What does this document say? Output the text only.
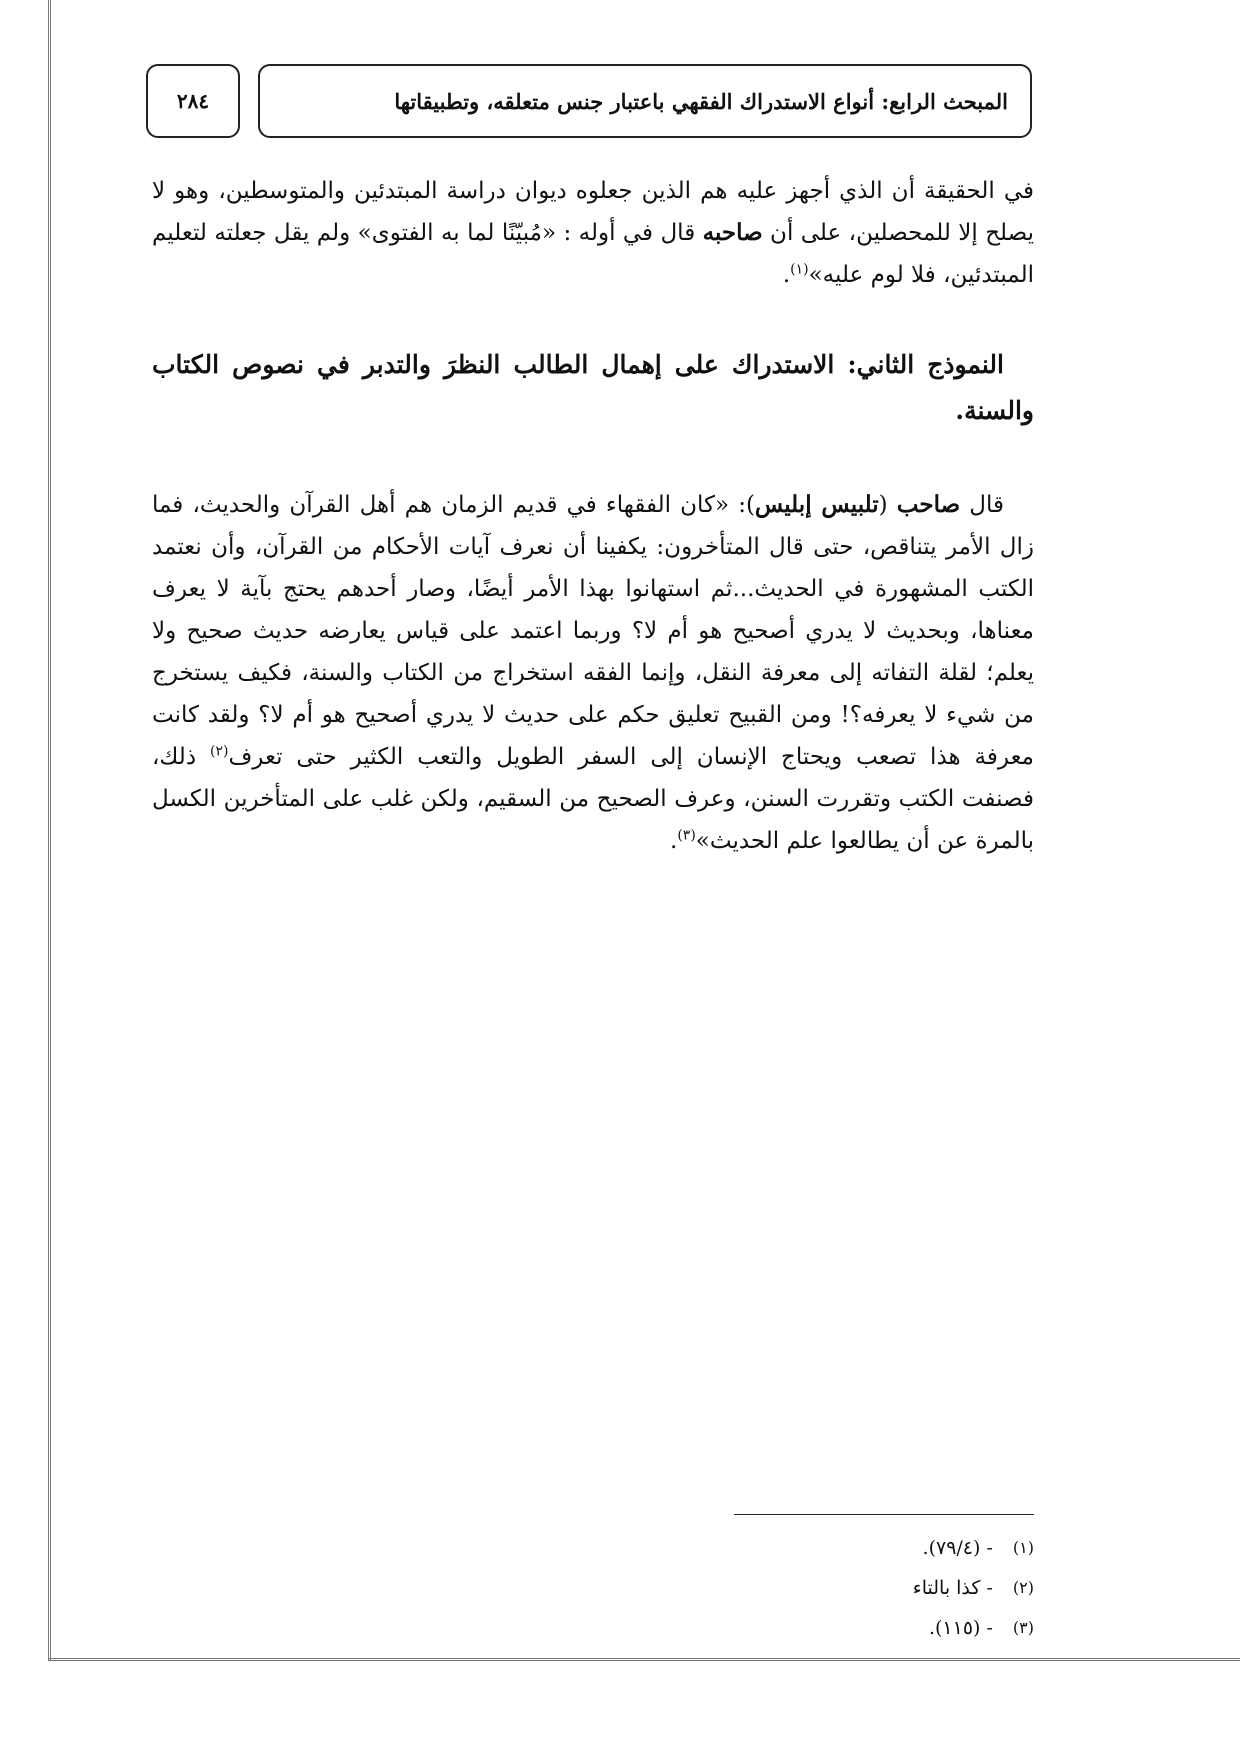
٢٨٤	المبحث الرابع: أنواع الاستدراك الفقهي باعتبار جنس متعلقه، وتطبيقاتها

في الحقيقة أن الذي أجهز عليه هم الذين جعلوه ديوان دراسة المبتدئين والمتوسطين، وهو لا يصلح إلا للمحصلين، على أن صاحبه قال في أوله : «مُبيّنًا لما به الفتوى» ولم يقل جعلته لتعليم المبتدئين، فلا لوم عليه»$^{(١)}$.

النموذج الثاني: الاستدراك على إهمال الطالب النظرَ والتدبر في نصوص الكتاب والسنة.

قال صاحب (تلبيس إبليس): «كان الفقهاء في قديم الزمان هم أهل القرآن والحديث، فما زال الأمر يتناقص، حتى قال المتأخرون: يكفينا أن نعرف آيات الأحكام من القرآن، وأن نعتمد الكتب المشهورة في الحديث...ثم استهانوا بهذا الأمر أيضًا، وصار أحدهم يحتج بآية لا يعرف معناها، وبحديث لا يدري أصحيح هو أم لا؟ وربما اعتمد على قياس يعارضه حديث صحيح ولا يعلم؛ لقلة التفاته إلى معرفة النقل، وإنما الفقه استخراج من الكتاب والسنة، فكيف يستخرج من شيء لا يعرفه؟! ومن القبيح تعليق حكم على حديث لا يدري أصحيح هو أم لا؟ ولقد كانت معرفة هذا تصعب ويحتاج الإنسان إلى السفر الطويل والتعب الكثير حتى تعرف$^{(٢)}$ ذلك، فصنفت الكتب وتقررت السنن، وعرف الصحيح من السقيم، ولكن غلب على المتأخرين الكسل بالمرة عن أن يطالعوا علم الحديث»$^{(٣)}$.

(١)
- (٧٩/٤).
(٢)
- كذا بالتاء
(٣)
- (١١٥).
